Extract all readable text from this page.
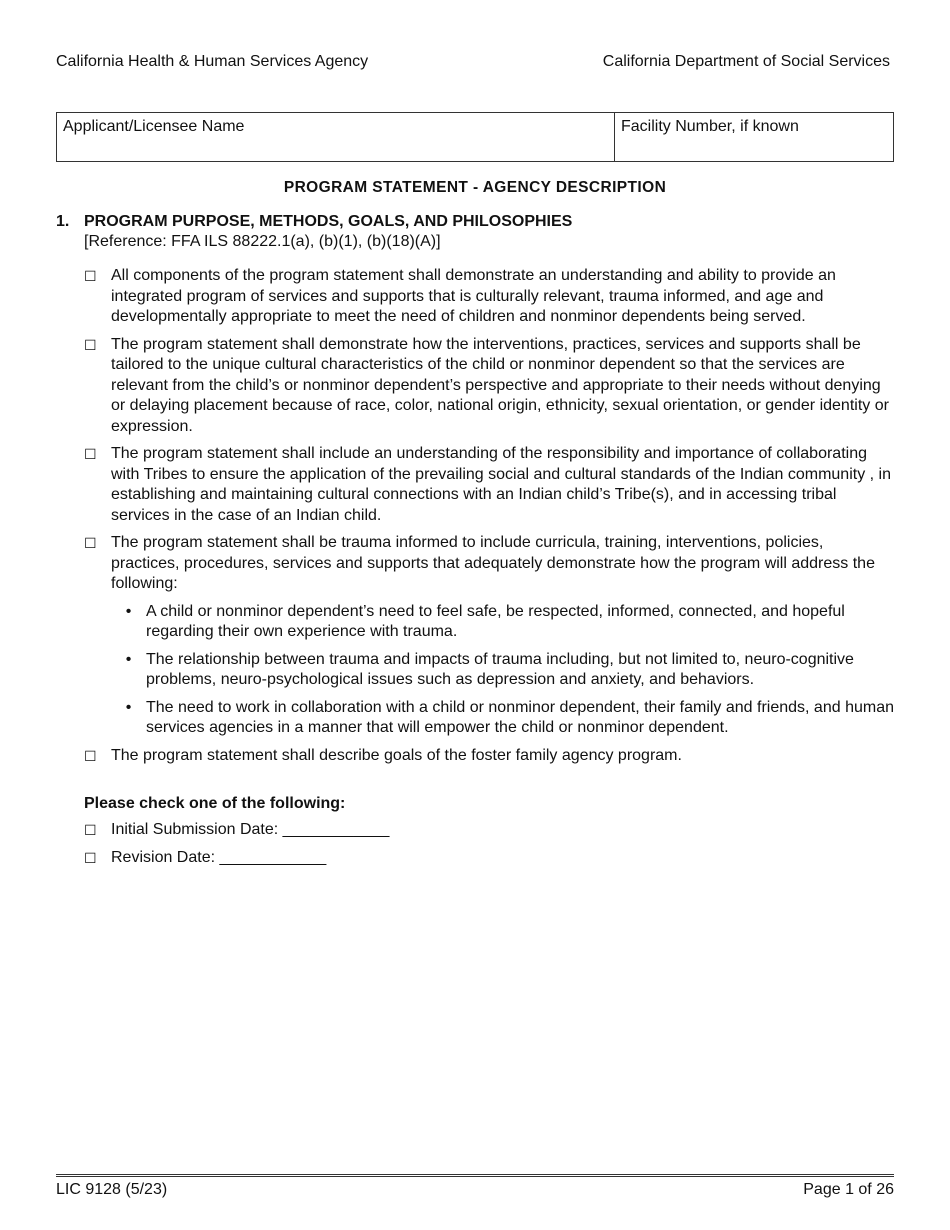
California Health & Human Services Agency	California Department of Social Services
Applicant/Licensee Name	Facility Number, if known
PROGRAM STATEMENT - AGENCY DESCRIPTION
1. PROGRAM PURPOSE, METHODS, GOALS, AND PHILOSOPHIES
[Reference: FFA ILS 88222.1(a), (b)(1), (b)(18)(A)]
☐ All components of the program statement shall demonstrate an understanding and ability to provide an integrated program of services and supports that is culturally relevant, trauma informed, and age and developmentally appropriate to meet the need of children and nonminor dependents being served.
☐ The program statement shall demonstrate how the interventions, practices, services and supports shall be tailored to the unique cultural characteristics of the child or nonminor dependent so that the services are relevant from the child’s or nonminor dependent’s perspective and appropriate to their needs without denying or delaying placement because of race, color, national origin, ethnicity, sexual orientation, or gender identity or expression.
☐ The program statement shall include an understanding of the responsibility and importance of collaborating with Tribes to ensure the application of the prevailing social and cultural standards of the Indian community , in establishing and maintaining cultural connections with an Indian child’s Tribe(s), and in accessing tribal services in the case of an Indian child.
☐ The program statement shall be trauma informed to include curricula, training, interventions, policies, practices, procedures, services and supports that adequately demonstrate how the program will address the following:
• A child or nonminor dependent’s need to feel safe, be respected, informed, connected, and hopeful regarding their own experience with trauma.
• The relationship between trauma and impacts of trauma including, but not limited to, neuro-cognitive problems, neuro-psychological issues such as depression and anxiety, and behaviors.
• The need to work in collaboration with a child or nonminor dependent, their family and friends, and human services agencies in a manner that will empower the child or nonminor dependent.
☐ The program statement shall describe goals of the foster family agency program.
Please check one of the following:
☐ Initial Submission Date: ____________
☐ Revision Date: ____________
LIC 9128 (5/23)	Page 1 of 26
